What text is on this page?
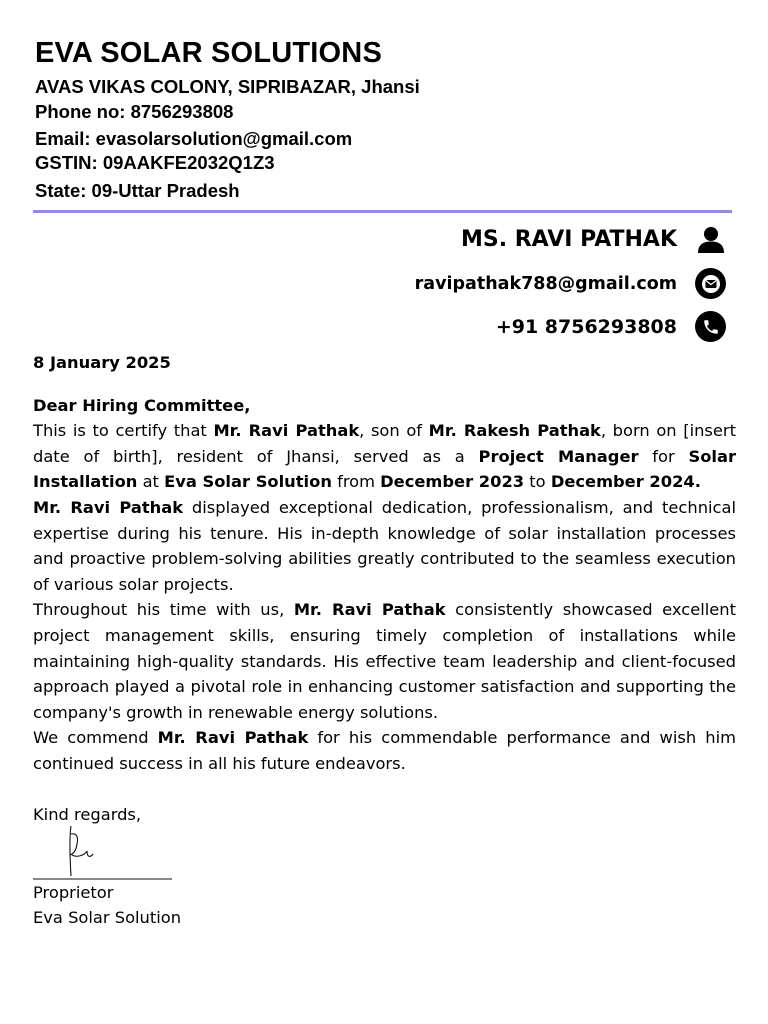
EVA SOLAR SOLUTIONS

AVAS VIKAS COLONY, SIPRIBAZAR, Jhansi

Phone no: 8756293808

Email: evasolarsolution@gmail.com

GSTIN: 09AAKFE2032Q1Z3

State: 09-Uttar Pradesh

MS. RAVI PATHAK
ravipathak788@gmail.com
+91 8756293808

8 January 2025

Dear Hiring Committee,

This is to certify that Mr. Ravi Pathak, son of Mr. Rakesh Pathak, born on [insert date of birth], resident of Jhansi, served as a Project Manager for Solar Installation at Eva Solar Solution from December 2023 to December 2024.

Mr. Ravi Pathak displayed exceptional dedication, professionalism, and technical expertise during his tenure. His in-depth knowledge of solar installation processes and proactive problem-solving abilities greatly contributed to the seamless execution of various solar projects.

Throughout his time with us, Mr. Ravi Pathak consistently showcased excellent project management skills, ensuring timely completion of installations while maintaining high-quality standards. His effective team leadership and client-focused approach played a pivotal role in enhancing customer satisfaction and supporting the company's growth in renewable energy solutions.

We commend Mr. Ravi Pathak for his commendable performance and wish him continued success in all his future endeavors.

Kind regards,

Proprietor

Eva Solar Solution
